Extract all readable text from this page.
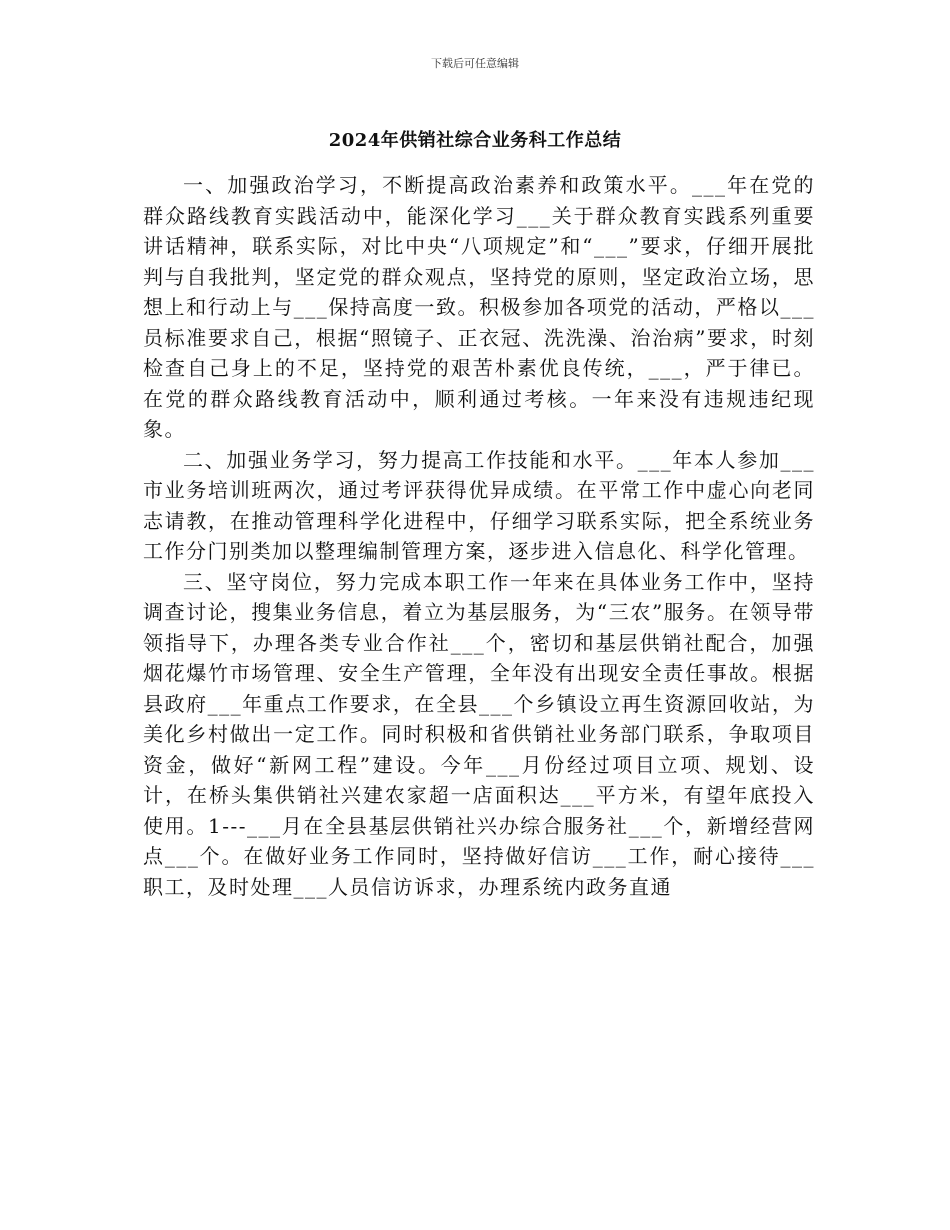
下载后可任意编辑
2024年供销社综合业务科工作总结

一、加强政治学习，不断提高政治素养和政策水平。___年在党的群众路线教育实践活动中，能深化学习___关于群众教育实践系列重要讲话精神，联系实际，对比中央“八项规定”和“___”要求，仔细开展批判与自我批判，坚定党的群众观点，坚持党的原则，坚定政治立场，思想上和行动上与___保持高度一致。积极参加各项党的活动，严格以___员标准要求自己，根据“照镜子、正衣冠、洗洗澡、治治病”要求，时刻检查自己身上的不足，坚持党的艰苦朴素优良传统，___，严于律已。在党的群众路线教育活动中，顺利通过考核。一年来没有违规违纪现象。

二、加强业务学习，努力提高工作技能和水平。___年本人参加___市业务培训班两次，通过考评获得优异成绩。在平常工作中虚心向老同志请教，在推动管理科学化进程中，仔细学习联系实际，把全系统业务工作分门别类加以整理编制管理方案，逐步进入信息化、科学化管理。

三、坚守岗位，努力完成本职工作一年来在具体业务工作中，坚持调查讨论，搜集业务信息，着立为基层服务，为“三农”服务。在领导带领指导下，办理各类专业合作社___个，密切和基层供销社配合，加强烟花爆竹市场管理、安全生产管理，全年没有出现安全责任事故。根据县政府___年重点工作要求，在全县___个乡镇设立再生资源回收站，为美化乡村做出一定工作。同时积极和省供销社业务部门联系，争取项目资金，做好“新网工程”建设。今年___月份经过项目立项、规划、设计，在桥头集供销社兴建农家超一店面积达___平方米，有望年底投入使用。1---___月在全县基层供销社兴办综合服务社___个，新增经营网点___个。在做好业务工作同时，坚持做好信访___工作，耐心接待___职工，及时处理___人员信访诉求，办理系统内政务直通
